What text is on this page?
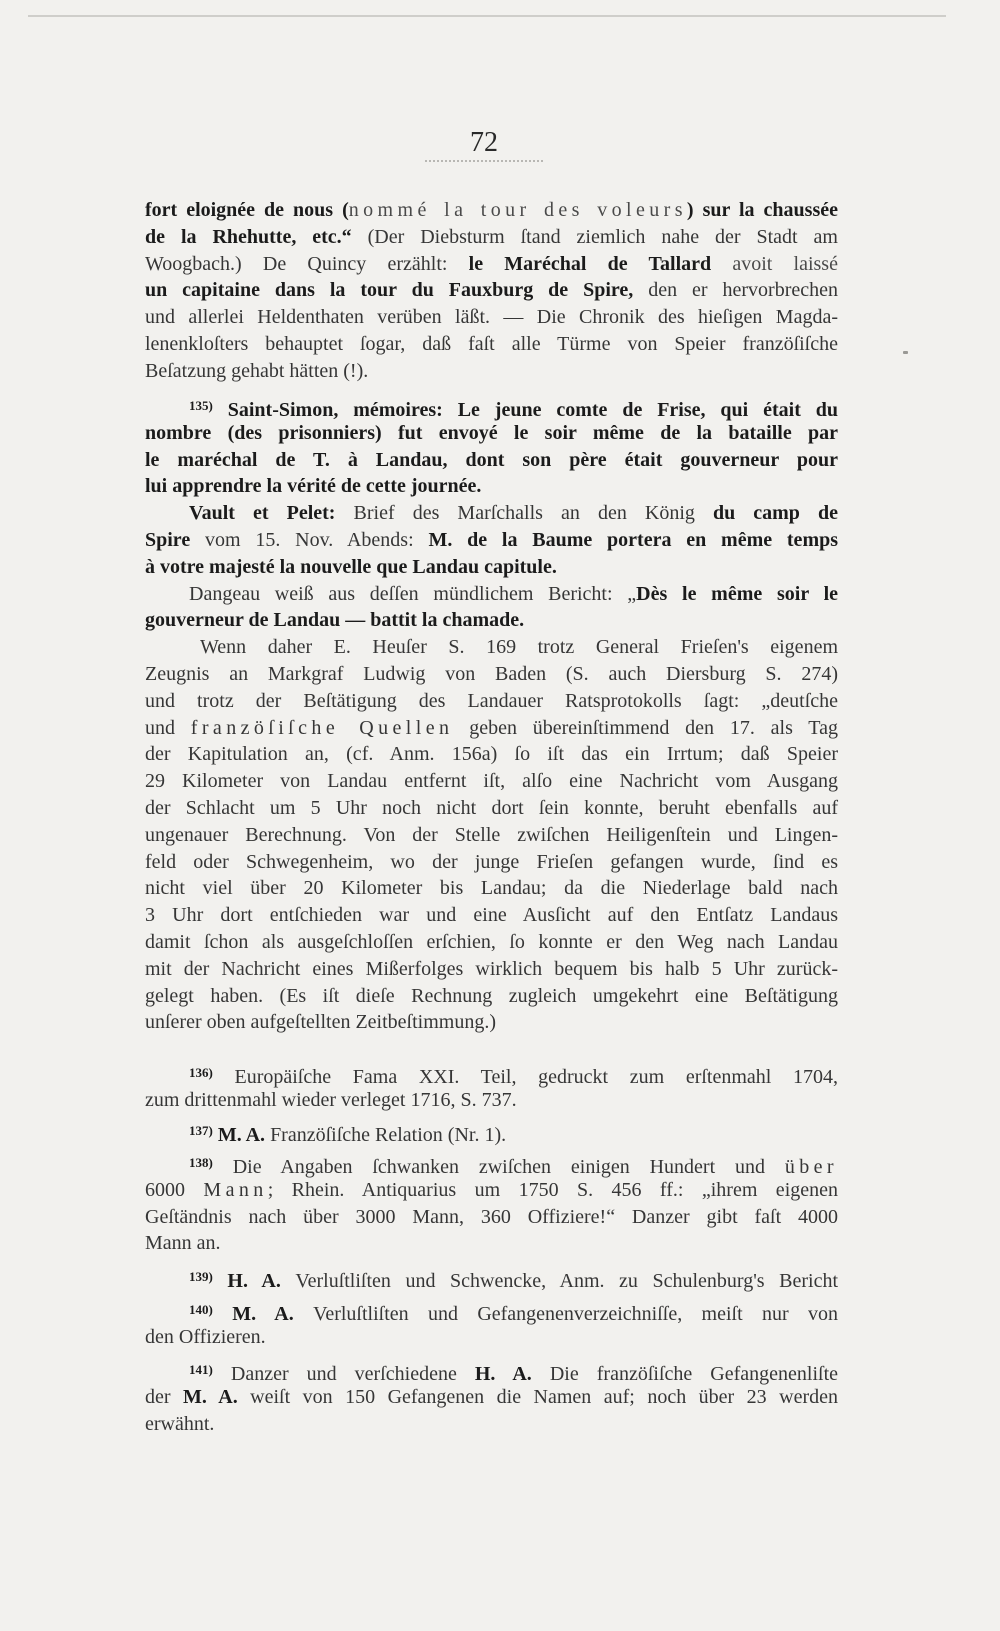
72
fort eloignée de nous (nommé la tour des voleurs) sur la chaussée
de la Rhehutte, etc.“ (Der Diebsturm ſtand ziemlich nahe der Stadt am
Woogbach.) De Quincy erzählt: le Maréchal de Tallard avoit laissé
un capitaine dans la tour du Fauxburg de Spire, den er hervorbrechen
und allerlei Heldenthaten verüben läßt. — Die Chronik des hieſigen Magda-
lenenkloſters behauptet ſogar, daß faſt alle Türme von Speier franzöſiſche
Beſatzung gehabt hätten (!).
$^{135)}$ Saint-Simon, mémoires: Le jeune comte de Frise, qui était du
nombre (des prisonniers) fut envoyé le soir même de la bataille par
le maréchal de T. à Landau, dont son père était gouverneur pour
lui apprendre la vérité de cette journée.
Vault et Pelet: Brief des Marſchalls an den König du camp de
Spire vom 15. Nov. Abends: M. de la Baume portera en même temps
à votre majesté la nouvelle que Landau capitule.
Dangeau weiß aus deſſen mündlichem Bericht: „Dès le même soir le
gouverneur de Landau — battit la chamade.
Wenn daher E. Heuſer S. 169 trotz General Frieſen's eigenem
Zeugnis an Markgraf Ludwig von Baden (S. auch Diersburg S. 274)
und trotz der Beſtätigung des Landauer Ratsprotokolls ſagt: „deutſche
und franzöſiſche Quellen geben übereinſtimmend den 17. als Tag
der Kapitulation an, (cf. Anm. 156a) ſo iſt das ein Irrtum; daß Speier
29 Kilometer von Landau entfernt iſt, alſo eine Nachricht vom Ausgang
der Schlacht um 5 Uhr noch nicht dort ſein konnte, beruht ebenfalls auf
ungenauer Berechnung. Von der Stelle zwiſchen Heiligenſtein und Lingen-
feld oder Schwegenheim, wo der junge Frieſen gefangen wurde, ſind es
nicht viel über 20 Kilometer bis Landau; da die Niederlage bald nach
3 Uhr dort entſchieden war und eine Ausſicht auf den Entſatz Landaus
damit ſchon als ausgeſchloſſen erſchien, ſo konnte er den Weg nach Landau
mit der Nachricht eines Mißerfolges wirklich bequem bis halb 5 Uhr zurück-
gelegt haben. (Es iſt dieſe Rechnung zugleich umgekehrt eine Beſtätigung
unſerer oben aufgeſtellten Zeitbeſtimmung.)
$^{136)}$ Europäiſche Fama XXI. Teil, gedruckt zum erſtenmahl 1704,
zum drittenmahl wieder verleget 1716, S. 737.
$^{137)}$ M. A. Franzöſiſche Relation (Nr. 1).
$^{138)}$ Die Angaben ſchwanken zwiſchen einigen Hundert und über
6000 Mann; Rhein. Antiquarius um 1750 S. 456 ff.: „ihrem eigenen
Geſtändnis nach über 3000 Mann, 360 Offiziere!“ Danzer gibt faſt 4000
Mann an.
$^{139)}$ H. A. Verluſtliſten und Schwencke, Anm. zu Schulenburg's Bericht
$^{140)}$ M. A. Verluſtliſten und Gefangenenverzeichniſſe, meiſt nur von
den Offizieren.
$^{141)}$ Danzer und verſchiedene H. A. Die franzöſiſche Gefangenenliſte
der M. A. weiſt von 150 Gefangenen die Namen auf; noch über 23 werden
erwähnt.
